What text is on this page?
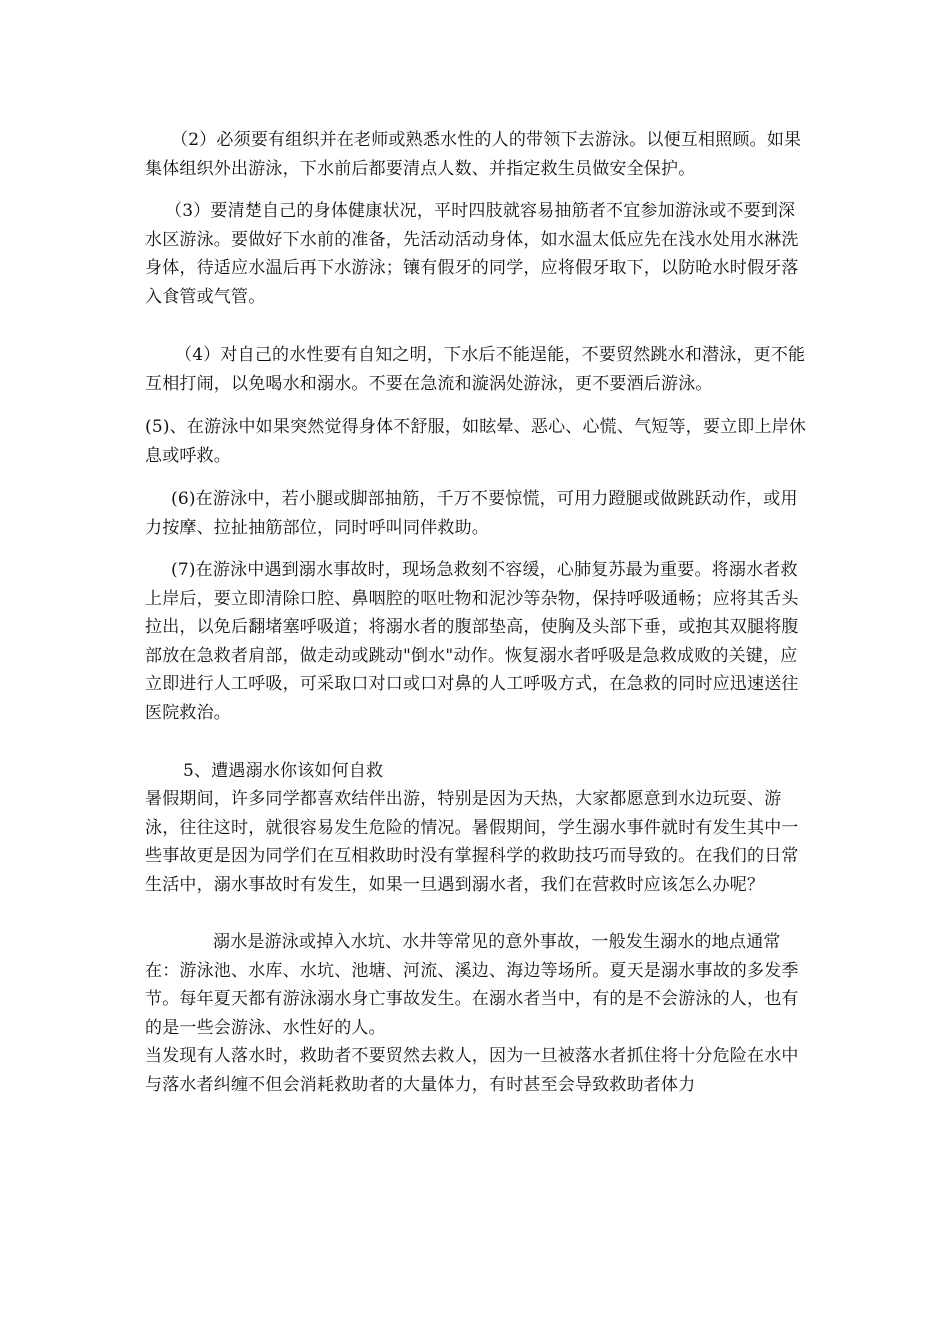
（2）必须要有组织并在老师或熟悉水性的人的带领下去游泳。以便互相照顾。如果集体组织外出游泳，下水前后都要清点人数、并指定救生员做安全保护。
（3）要清楚自己的身体健康状况，平时四肢就容易抽筋者不宜参加游泳或不要到深水区游泳。要做好下水前的准备，先活动活动身体，如水温太低应先在浅水处用水淋洗身体，待适应水温后再下水游泳；镶有假牙的同学，应将假牙取下，以防呛水时假牙落入食管或气管。
（4）对自己的水性要有自知之明，下水后不能逞能，不要贸然跳水和潜泳，更不能互相打闹，以免喝水和溺水。不要在急流和漩涡处游泳，更不要酒后游泳。
(5)、在游泳中如果突然觉得身体不舒服，如眩晕、恶心、心慌、气短等，要立即上岸休息或呼救。
(6)在游泳中，若小腿或脚部抽筋，千万不要惊慌，可用力蹬腿或做跳跃动作，或用力按摩、拉扯抽筋部位，同时呼叫同伴救助。
(7)在游泳中遇到溺水事故时，现场急救刻不容缓，心肺复苏最为重要。将溺水者救上岸后，要立即清除口腔、鼻咽腔的呕吐物和泥沙等杂物，保持呼吸通畅；应将其舌头拉出，以免后翻堵塞呼吸道；将溺水者的腹部垫高，使胸及头部下垂，或抱其双腿将腹部放在急救者肩部，做走动或跳动"倒水"动作。恢复溺水者呼吸是急救成败的关键，应立即进行人工呼吸，可采取口对口或口对鼻的人工呼吸方式，在急救的同时应迅速送往医院救治。
5、遭遇溺水你该如何自救
暑假期间，许多同学都喜欢结伴出游，特别是因为天热，大家都愿意到水边玩耍、游泳，往往这时，就很容易发生危险的情况。暑假期间，学生溺水事件就时有发生其中一些事故更是因为同学们在互相救助时没有掌握科学的救助技巧而导致的。在我们的日常生活中，溺水事故时有发生，如果一旦遇到溺水者，我们在营救时应该怎么办呢？
溺水是游泳或掉入水坑、水井等常见的意外事故，一般发生溺水的地点通常在：游泳池、水库、水坑、池塘、河流、溪边、海边等场所。夏天是溺水事故的多发季节。每年夏天都有游泳溺水身亡事故发生。在溺水者当中，有的是不会游泳的人，也有的是一些会游泳、水性好的人。
当发现有人落水时，救助者不要贸然去救人，因为一旦被落水者抓住将十分危险在水中与落水者纠缠不但会消耗救助者的大量体力，有时甚至会导致救助者体力
